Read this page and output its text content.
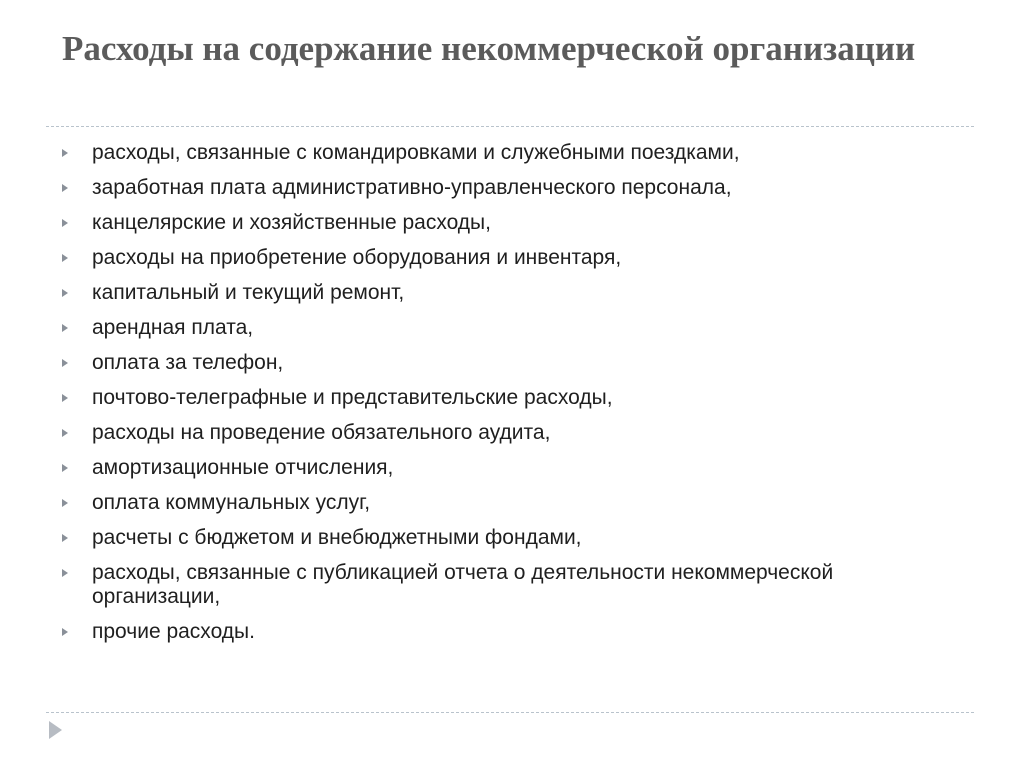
Расходы на содержание некоммерческой организации
расходы, связанные с командировками и служебными поездками,
заработная плата административно-управленческого персонала,
канцелярские и хозяйственные расходы,
расходы на приобретение оборудования и инвентаря,
капитальный и текущий ремонт,
арендная плата,
оплата за телефон,
почтово-телеграфные и представительские расходы,
расходы на проведение обязательного аудита,
амортизационные отчисления,
оплата коммунальных услуг,
расчеты с бюджетом и внебюджетными фондами,
расходы, связанные с публикацией отчета о деятельности некоммерческой организации,
прочие расходы.
